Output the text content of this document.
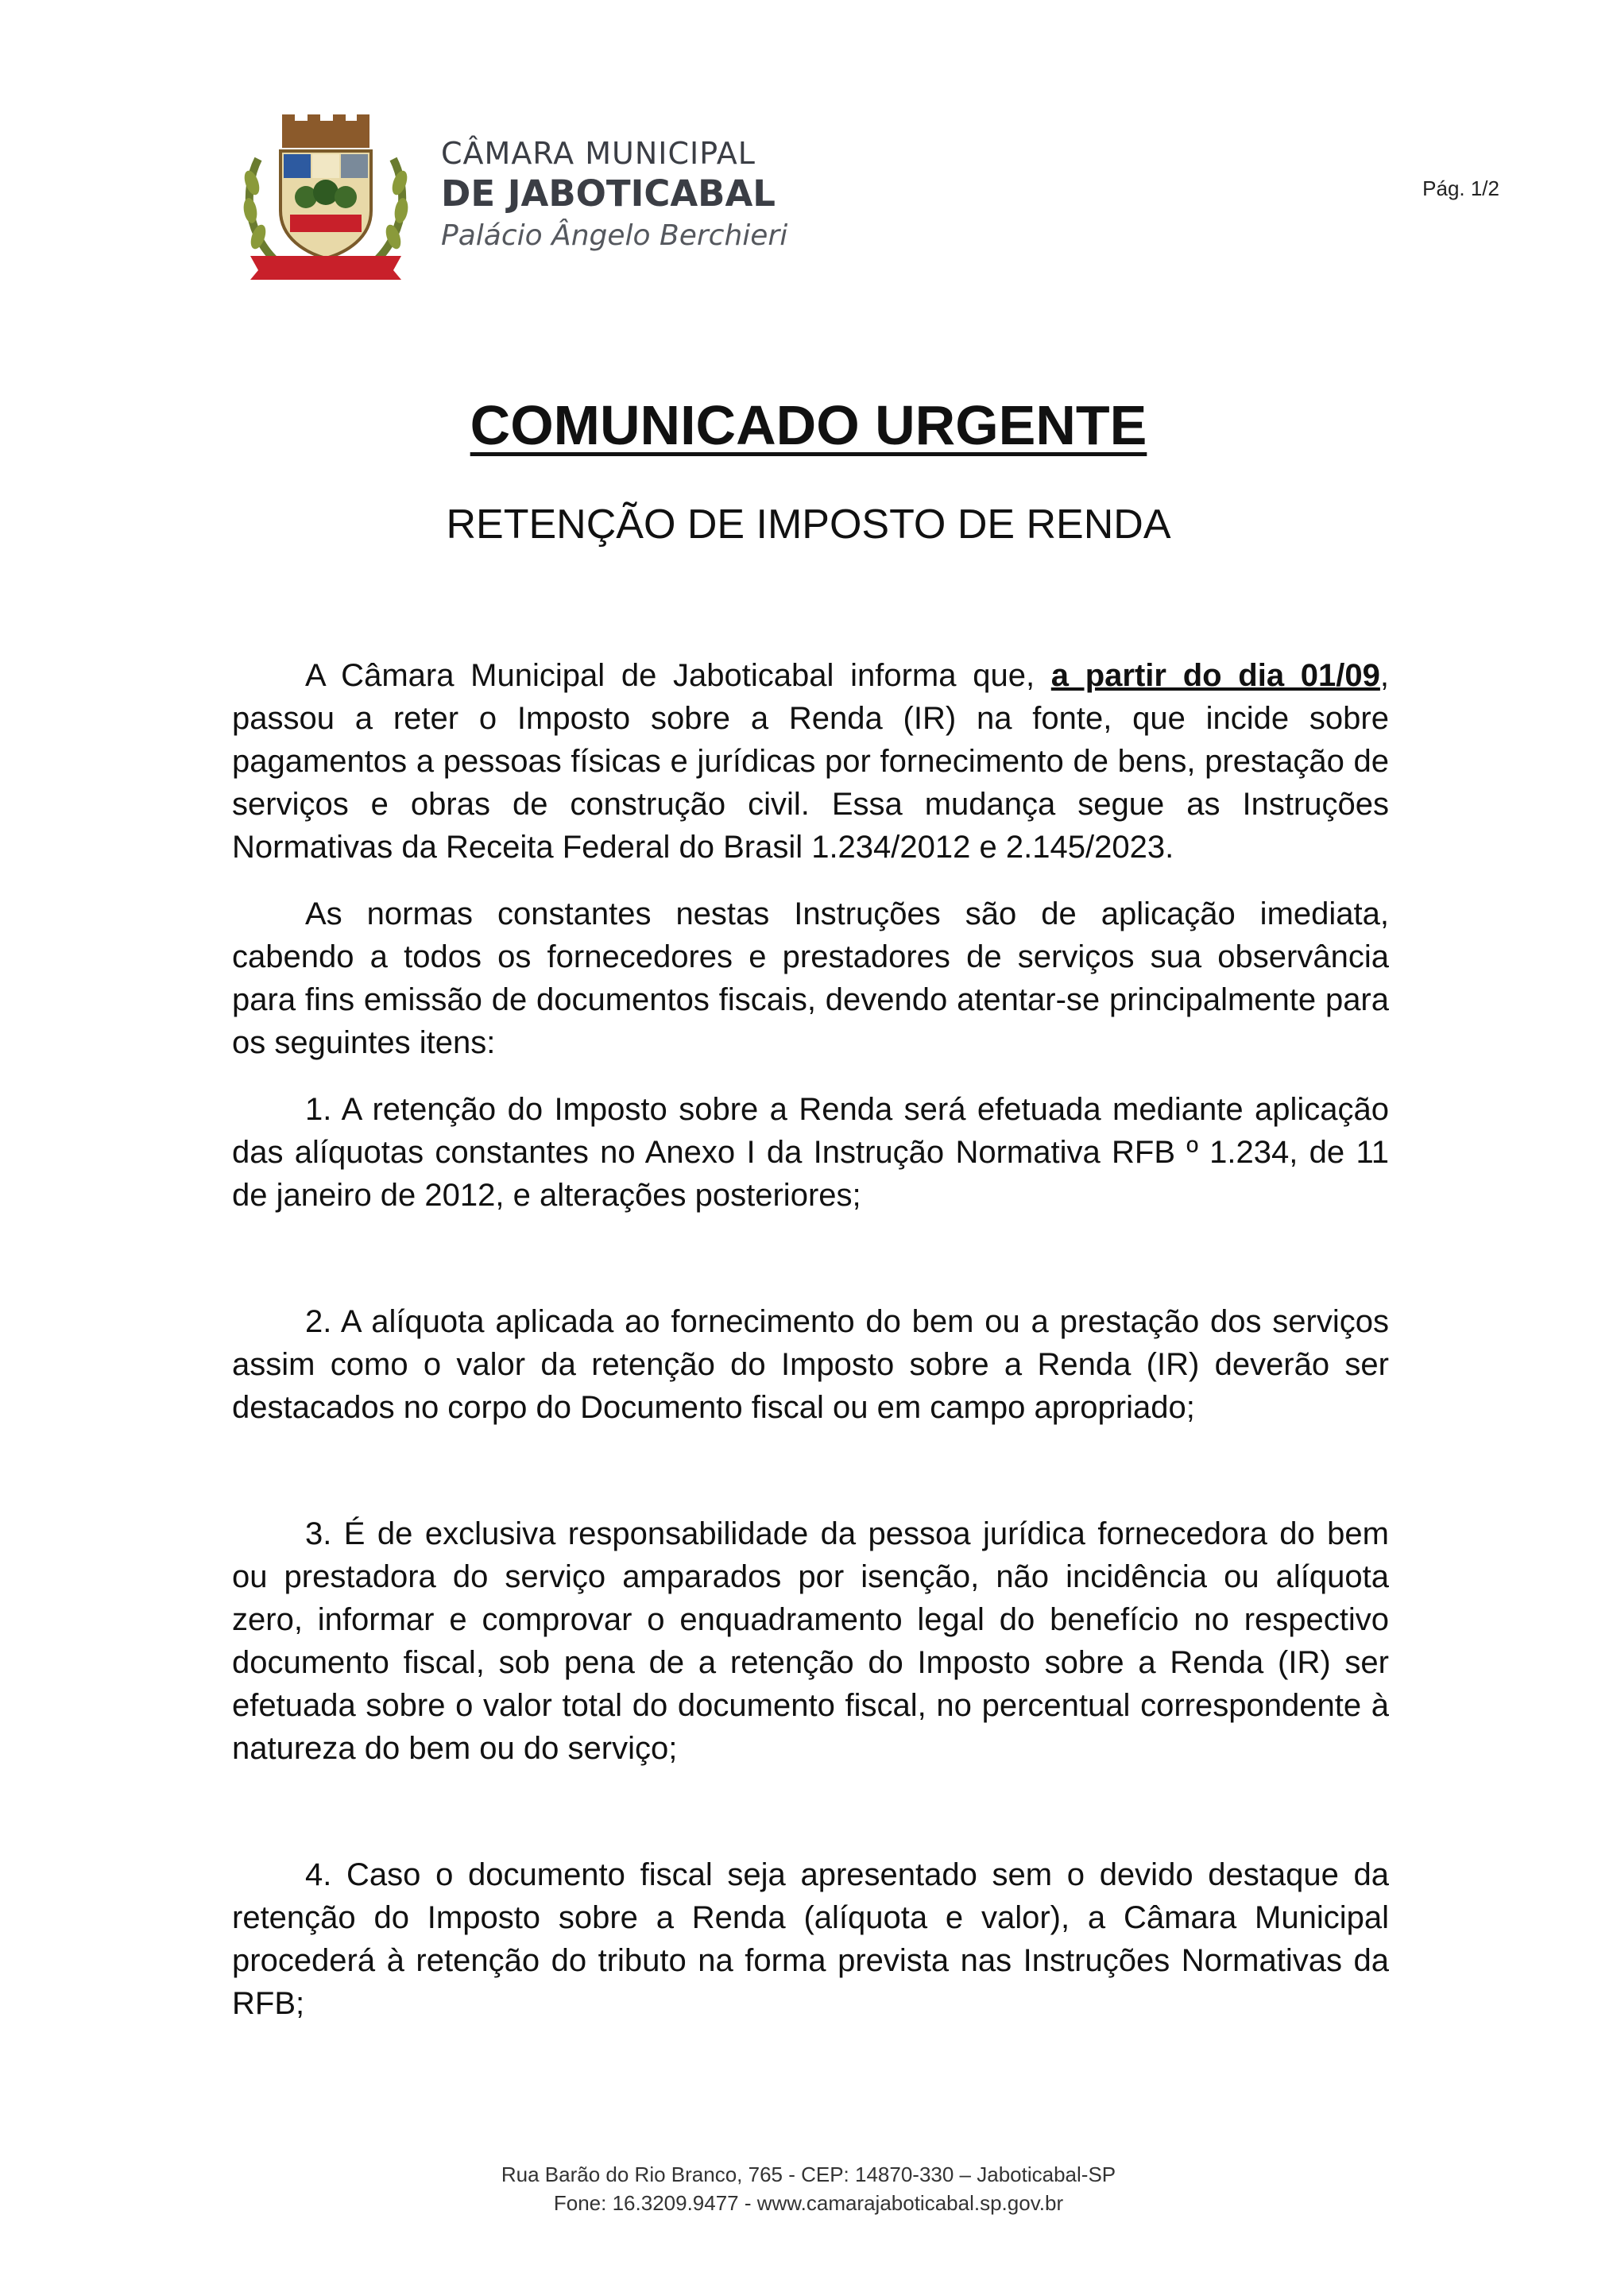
CÂMARA MUNICIPAL
DE JABOTICABAL
Palácio Ângelo Berchieri
Pág. 1/2
COMUNICADO URGENTE
RETENÇÃO DE IMPOSTO DE RENDA

A Câmara Municipal de Jaboticabal informa que, a partir do dia 01/09, passou a reter o Imposto sobre a Renda (IR) na fonte, que incide sobre pagamentos a pessoas físicas e jurídicas por fornecimento de bens, prestação de serviços e obras de construção civil. Essa mudança segue as Instruções Normativas da Receita Federal do Brasil 1.234/2012 e 2.145/2023.

As normas constantes nestas Instruções são de aplicação imediata, cabendo a todos os fornecedores e prestadores de serviços sua observância para fins emissão de documentos fiscais, devendo atentar-se principalmente para os seguintes itens:

1. A retenção do Imposto sobre a Renda será efetuada mediante aplicação das alíquotas constantes no Anexo I da Instrução Normativa RFB º 1.234, de 11 de janeiro de 2012, e alterações posteriores;

2. A alíquota aplicada ao fornecimento do bem ou a prestação dos serviços assim como o valor da retenção do Imposto sobre a Renda (IR) deverão ser destacados no corpo do Documento fiscal ou em campo apropriado;

3. É de exclusiva responsabilidade da pessoa jurídica fornecedora do bem ou prestadora do serviço amparados por isenção, não incidência ou alíquota zero, informar e comprovar o enquadramento legal do benefício no respectivo documento fiscal, sob pena de a retenção do Imposto sobre a Renda (IR) ser efetuada sobre o valor total do documento fiscal, no percentual correspondente à natureza do bem ou do serviço;

4. Caso o documento fiscal seja apresentado sem o devido destaque da retenção do Imposto sobre a Renda (alíquota e valor), a Câmara Municipal procederá à retenção do tributo na forma prevista nas Instruções Normativas da RFB;

Rua Barão do Rio Branco, 765 - CEP: 14870-330 – Jaboticabal-SP
Fone: 16.3209.9477 - www.camarajaboticabal.sp.gov.br
